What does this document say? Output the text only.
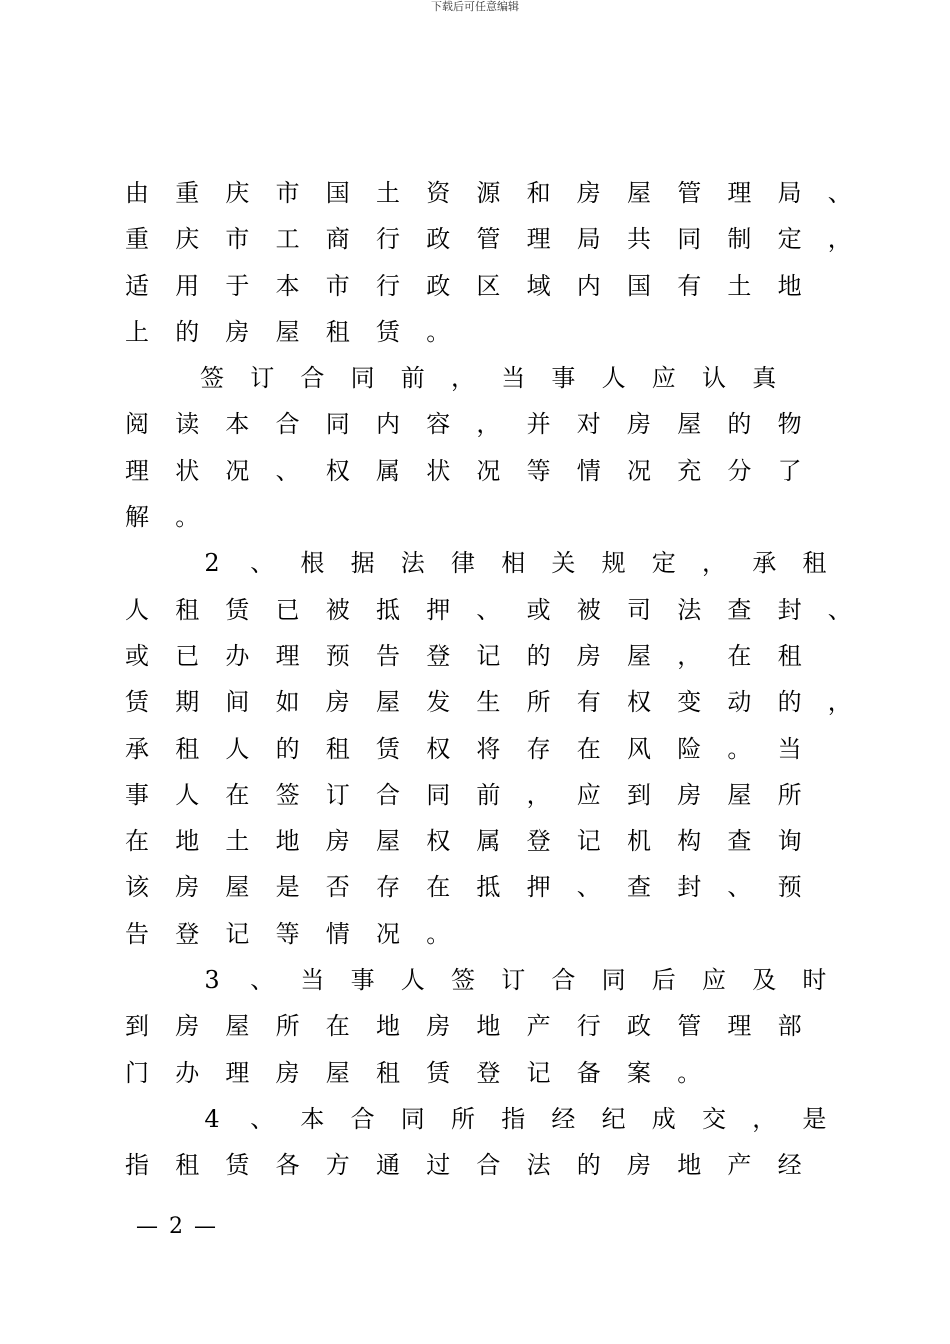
下载后可任意编辑
由 重 庆 市 国 土 资 源 和 房 屋 管 理 局 、
重 庆 市 工 商 行 政 管 理 局 共 同 制 定 ，
适 用 于 本 市 行 政 区 域 内 国 有 土 地
上 的 房 屋 租 赁 。
签 订 合 同 前 ， 当 事 人 应 认 真
阅 读 本 合 同 内 容 ， 并 对 房 屋 的 物
理 状 况 、 权 属 状 况 等 情 况 充 分 了
解 。
2	、 根 据 法 律 相 关 规 定 ， 承 租
人 租 赁 已 被 抵 押 、 或 被 司 法 查 封 、
或 已 办 理 预 告 登 记 的 房 屋 ， 在 租
赁 期 间 如 房 屋 发 生 所 有 权 变 动 的 ，
承 租 人 的 租 赁 权 将 存 在 风 险 。 当
事 人 在 签 订 合 同 前 ， 应 到 房 屋 所
在 地 土 地 房 屋 权 属 登 记 机 构 查 询
该 房 屋 是 否 存 在 抵 押 、 查 封 、 预
告 登 记 等 情 况 。
3	、 当 事 人 签 订 合 同 后 应 及 时
到 房 屋 所 在 地 房 地 产 行 政 管 理 部
门 办 理 房 屋 租 赁 登 记 备 案 。
4	、 本 合 同 所 指 经 纪 成 交 ， 是
指 租 赁 各 方 通 过 合 法 的 房 地 产 经
— 2 —
